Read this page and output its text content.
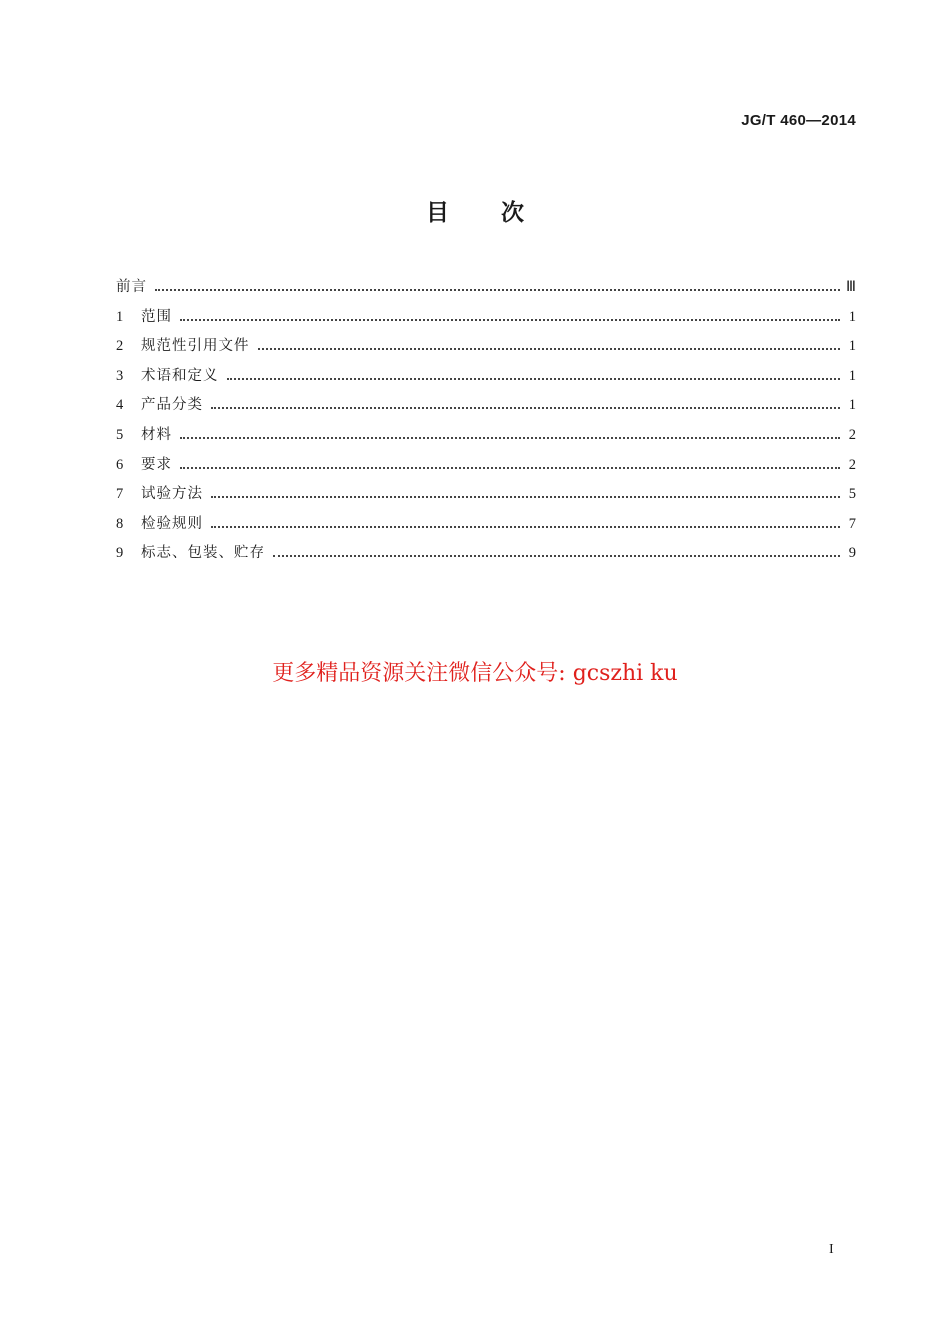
JG/T 460—2014
目次
前言	Ⅲ
1	范围	1
2	规范性引用文件	1
3	术语和定义	1
4	产品分类	1
5	材料	2
6	要求	2
7	试验方法	5
8	检验规则	7
9	标志、包装、贮存	9
更多精品资源关注微信公众号: gcszhi ku
I
